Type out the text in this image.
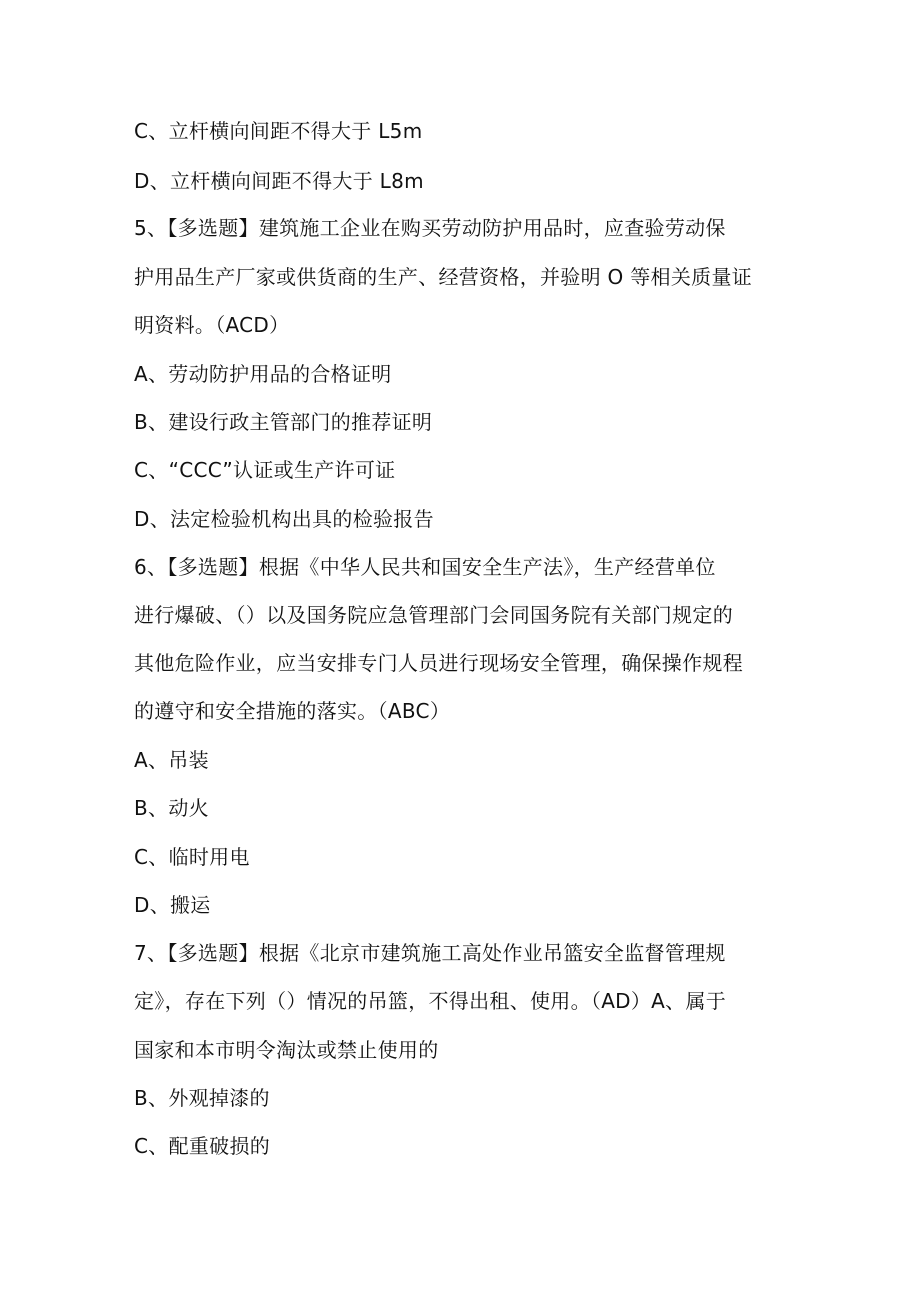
C、立杆横向间距不得大于 L5m
D、立杆横向间距不得大于 L8m
5、【多选题】建筑施工企业在购买劳动防护用品时，应查验劳动保
护用品生产厂家或供货商的生产、经营资格，并验明 O 等相关质量证
明资料。（ACD）
A、劳动防护用品的合格证明
B、建设行政主管部门的推荐证明
C、“CCC”认证或生产许可证
D、法定检验机构出具的检验报告
6、【多选题】根据《中华人民共和国安全生产法》，生产经营单位
进行爆破、（）以及国务院应急管理部门会同国务院有关部门规定的
其他危险作业，应当安排专门人员进行现场安全管理，确保操作规程
的遵守和安全措施的落实。（ABC）
A、吊装
B、动火
C、临时用电
D、搬运
7、【多选题】根据《北京市建筑施工高处作业吊篮安全监督管理规
定》，存在下列（）情况的吊篮，不得出租、使用。（AD）A、属于
国家和本市明令淘汰或禁止使用的
B、外观掉漆的
C、配重破损的
